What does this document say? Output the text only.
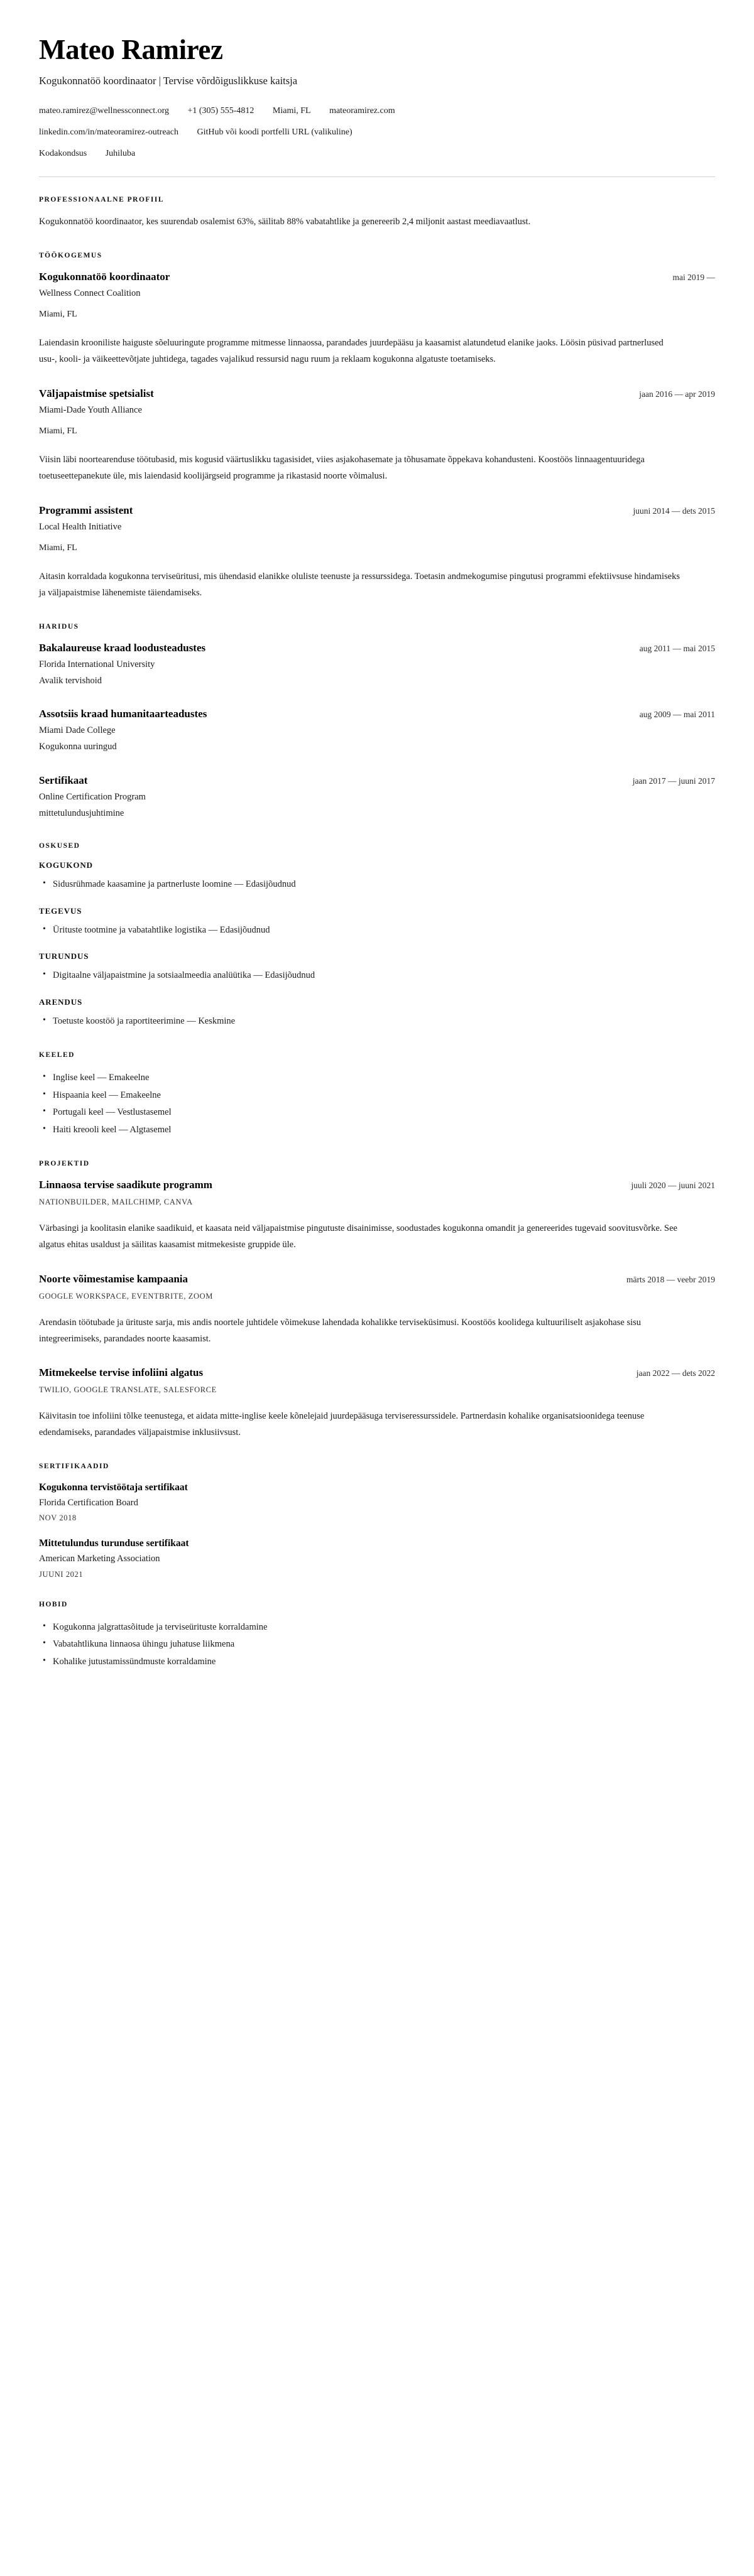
Mateo Ramirez

Kogukonnatöö koordinaator | Tervise võrdõiguslikkuse kaitsja

mateo.ramirez@wellnessconnect.org +1 (305) 555-4812 Miami, FL mateoramirez.com
linkedin.com/in/mateoramirez-outreach GitHub või koodi portfelli URL (valikuline)
Kodakondsus Juhiluba
PROFESSIONAALNE PROFIIL

Kogukonnatöö koordinaator, kes suurendab osalemist 63%, säilitab 88% vabatahtlike ja genereerib 2,4 miljonit aastast meediavaatlust.

TÖÖKOGEMUS
Kogukonnatöö koordinaator	mai 2019 —

Wellness Connect Coalition

Miami, FL

Laiendasin krooniliste haiguste sõeluuringute programme mitmesse linnaossa, parandades juurdepääsu ja kaasamist alatundetud elanike jaoks. Löösin püsivad partnerlused usu-, kooli- ja väikeettevõtjate juhtidega, tagades vajalikud ressursid nagu ruum ja reklaam kogukonna algatuste toetamiseks.

Väljapaistmise spetsialist	jaan 2016 — apr 2019

Miami-Dade Youth Alliance

Miami, FL

Viisin läbi noortearenduse töötubasid, mis kogusid väärtuslikku tagasisidet, viies asjakohasemate ja tõhusamate õppekava kohandusteni. Koostöös linnaagentuuridega toetuseettepanekute üle, mis laiendasid koolijärgseid programme ja rikastasid noorte võimalusi.

Programmi assistent	juuni 2014 — dets 2015

Local Health Initiative

Miami, FL

Aitasin korraldada kogukonna terviseüritusi, mis ühendasid elanikke oluliste teenuste ja ressurssidega. Toetasin andmekogumise pingutusi programmi efektiivsuse hindamiseks ja väljapaistmise lähenemiste täiendamiseks.

HARIDUS
Bakalaureuse kraad loodusteadustes	aug 2011 — mai 2015

Florida International University

Avalik tervishoid

Assotsiis kraad humanitaarteadustes	aug 2009 — mai 2011

Miami Dade College

Kogukonna uuringud

Sertifikaat	jaan 2017 — juuni 2017

Online Certification Program

mittetulundusjuhtimine

OSKUSED
KOGUKOND
• Sidusrühmade kaasamine ja partnerluste loomine — Edasijõudnud
TEGEVUS
• Ürituste tootmine ja vabatahtlike logistika — Edasijõudnud
TURUNDUS
• Digitaalne väljapaistmine ja sotsiaalmeedia analüütika — Edasijõudnud
ARENDUS
• Toetuste koostöö ja raportiteerimine — Keskmine
KEELED
• Inglise keel — Emakeelne
• Hispaania keel — Emakeelne
• Portugali keel — Vestlustasemel
• Haiti kreooli keel — Algtasemel
PROJEKTID
Linnaosa tervise saadikute programm	juuli 2020 — juuni 2021

NATIONBUILDER, MAILCHIMP, CANVA

Värbasingi ja koolitasin elanike saadikuid, et kaasata neid väljapaistmise pingutuste disainimisse, soodustades kogukonna omandit ja genereerides tugevaid soovitusvõrke. See algatus ehitas usaldust ja säilitas kaasamist mitmekesiste gruppide üle.

Noorte võimestamise kampaania	märts 2018 — veebr 2019

GOOGLE WORKSPACE, EVENTBRITE, ZOOM

Arendasin töötubade ja ürituste sarja, mis andis noortele juhtidele võimekuse lahendada kohalikke terviseküsimusi. Koostöös koolidega kultuuriliselt asjakohase sisu integreerimiseks, parandades noorte kaasamist.

Mitmekeelse tervise infoliini algatus	jaan 2022 — dets 2022

TWILIO, GOOGLE TRANSLATE, SALESFORCE

Käivitasin toe infoliini tõlke teenustega, et aidata mitte-inglise keele kõnelejaid juurdepääsuga terviseressurssidele. Partnerdasin kohalike organisatsioonidega teenuse edendamiseks, parandades väljapaistmise inklusiivsust.

SERTIFIKAADID
Kogukonna tervistöötaja sertifikaat

Florida Certification Board

NOV 2018

Mittetulundus turunduse sertifikaat

American Marketing Association

JUUNI 2021

HOBID
• Kogukonna jalgrattasõitude ja terviseürituste korraldamine
• Vabatahtlikuna linnaosa ühingu juhatuse liikmena
• Kohalike jutustamissündmuste korraldamine
